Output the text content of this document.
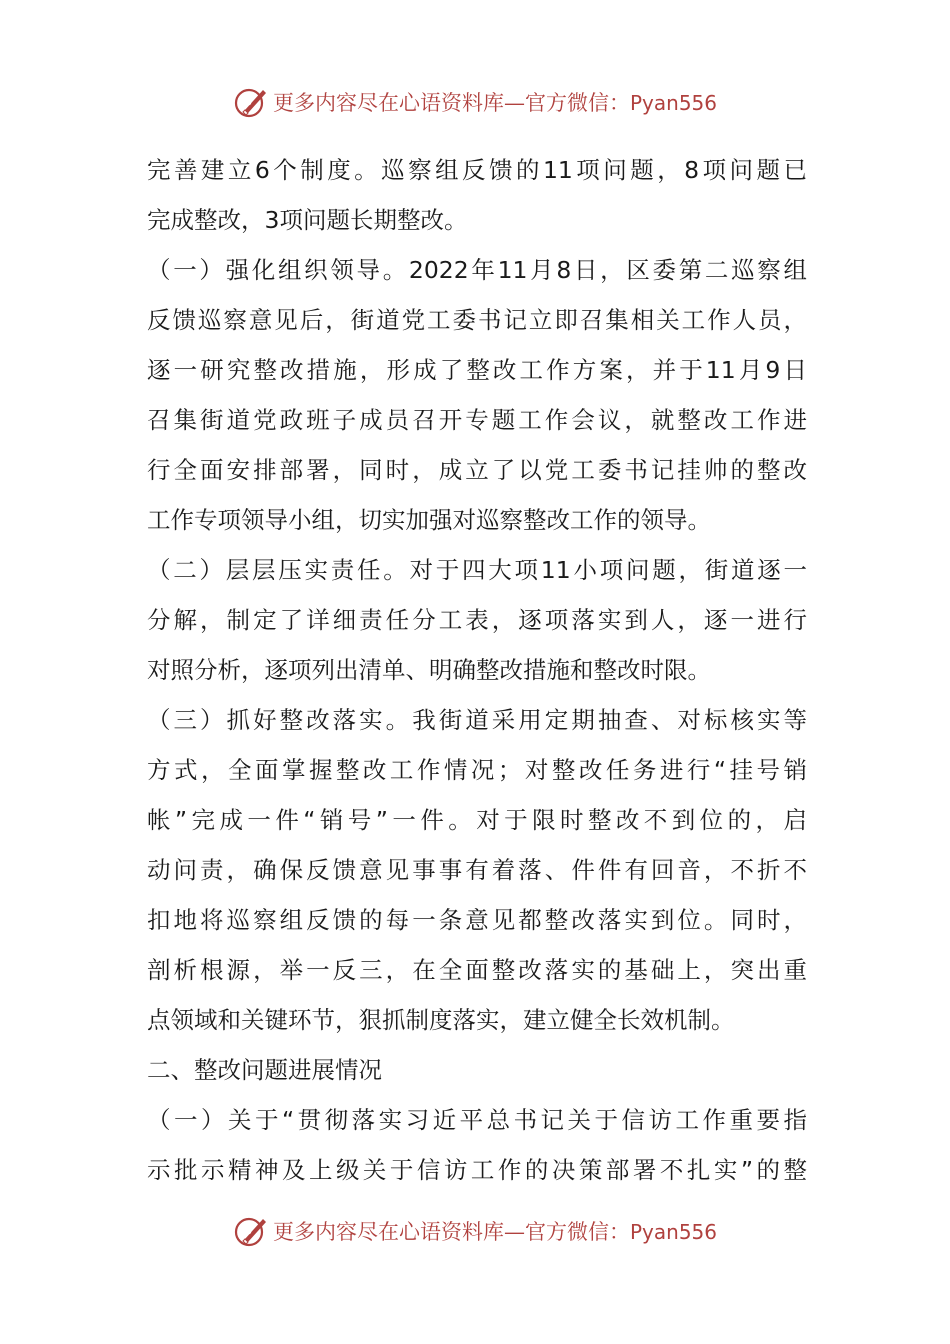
更多内容尽在心语资料库—官方微信：Pyan556
完善建立6个制度。巡察组反馈的11项问题，8项问题已
完成整改，3项问题长期整改。
（一）强化组织领导。2022年11月8日，区委第二巡察组
反馈巡察意见后，街道党工委书记立即召集相关工作人员，
逐一研究整改措施，形成了整改工作方案，并于11月9日
召集街道党政班子成员召开专题工作会议，就整改工作进
行全面安排部署，同时，成立了以党工委书记挂帅的整改
工作专项领导小组，切实加强对巡察整改工作的领导。
（二）层层压实责任。对于四大项11小项问题，街道逐一
分解，制定了详细责任分工表，逐项落实到人，逐一进行
对照分析，逐项列出清单、明确整改措施和整改时限。
（三）抓好整改落实。我街道采用定期抽查、对标核实等
方式，全面掌握整改工作情况；对整改任务进行“挂号销
帐”完成一件“销号”一件。对于限时整改不到位的，启
动问责，确保反馈意见事事有着落、件件有回音，不折不
扣地将巡察组反馈的每一条意见都整改落实到位。同时，
剖析根源，举一反三，在全面整改落实的基础上，突出重
点领域和关键环节，狠抓制度落实，建立健全长效机制。
二、整改问题进展情况
（一）关于“贯彻落实习近平总书记关于信访工作重要指
示批示精神及上级关于信访工作的决策部署不扎实”的整
更多内容尽在心语资料库—官方微信：Pyan556
